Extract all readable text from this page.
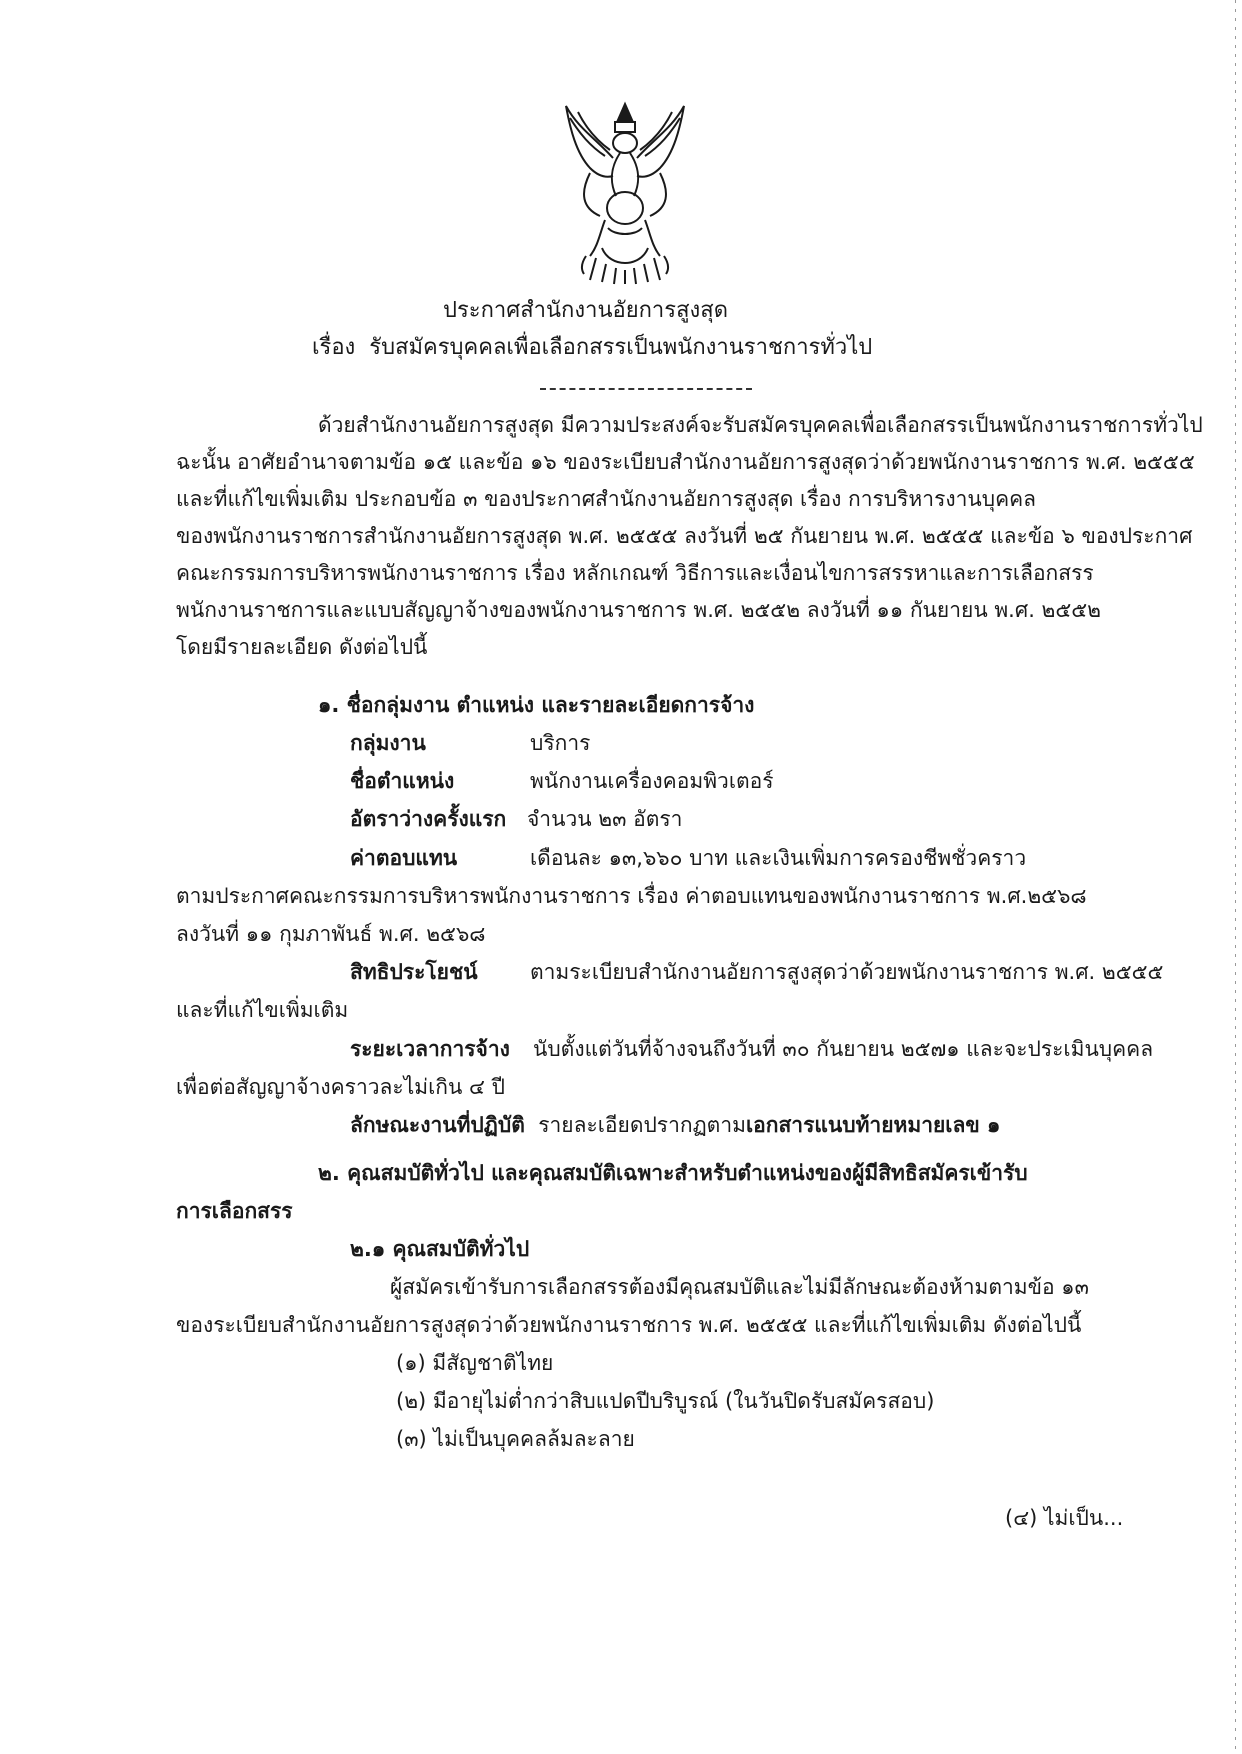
ประกาศสำนักงานอัยการสูงสุด
เรื่อง รับสมัครบุคคลเพื่อเลือกสรรเป็นพนักงานราชการทั่วไป
ด้วยสำนักงานอัยการสูงสุด มีความประสงค์จะรับสมัครบุคคลเพื่อเลือกสรรเป็นพนักงานราชการทั่วไป
ฉะนั้น อาศัยอำนาจตามข้อ ๑๕ และข้อ ๑๖ ของระเบียบสำนักงานอัยการสูงสุดว่าด้วยพนักงานราชการ พ.ศ. ๒๕๕๕
และที่แก้ไขเพิ่มเติม ประกอบข้อ ๓ ของประกาศสำนักงานอัยการสูงสุด เรื่อง การบริหารงานบุคคล
ของพนักงานราชการสำนักงานอัยการสูงสุด พ.ศ. ๒๕๕๕ ลงวันที่ ๒๕ กันยายน พ.ศ. ๒๕๕๕ และข้อ ๖ ของประกาศ
คณะกรรมการบริหารพนักงานราชการ เรื่อง หลักเกณฑ์ วิธีการและเงื่อนไขการสรรหาและการเลือกสรร
พนักงานราชการและแบบสัญญาจ้างของพนักงานราชการ พ.ศ. ๒๕๕๒ ลงวันที่ ๑๑ กันยายน พ.ศ. ๒๕๕๒
โดยมีรายละเอียด ดังต่อไปนี้
๑. ชื่อกลุ่มงาน ตำแหน่ง และรายละเอียดการจ้าง
กลุ่มงาน	บริการ
ชื่อตำแหน่ง	พนักงานเครื่องคอมพิวเตอร์
อัตราว่างครั้งแรก จำนวน ๒๓ อัตรา
ค่าตอบแทน	เดือนละ ๑๓,๖๖๐ บาท และเงินเพิ่มการครองชีพชั่วคราว
ตามประกาศคณะกรรมการบริหารพนักงานราชการ เรื่อง ค่าตอบแทนของพนักงานราชการ พ.ศ.๒๕๖๘
ลงวันที่ ๑๑ กุมภาพันธ์ พ.ศ. ๒๕๖๘
สิทธิประโยชน์ ตามระเบียบสำนักงานอัยการสูงสุดว่าด้วยพนักงานราชการ พ.ศ. ๒๕๕๕
และที่แก้ไขเพิ่มเติม
ระยะเวลาการจ้าง นับตั้งแต่วันที่จ้างจนถึงวันที่ ๓๐ กันยายน ๒๕๗๑ และจะประเมินบุคคล
เพื่อต่อสัญญาจ้างคราวละไม่เกิน ๔ ปี
ลักษณะงานที่ปฏิบัติ รายละเอียดปรากฏตามเอกสารแนบท้ายหมายเลข ๑
๒. คุณสมบัติทั่วไป และคุณสมบัติเฉพาะสำหรับตำแหน่งของผู้มีสิทธิสมัครเข้ารับ
การเลือกสรร
๒.๑ คุณสมบัติทั่วไป
ผู้สมัครเข้ารับการเลือกสรรต้องมีคุณสมบัติและไม่มีลักษณะต้องห้ามตามข้อ ๑๓
ของระเบียบสำนักงานอัยการสูงสุดว่าด้วยพนักงานราชการ พ.ศ. ๒๕๕๕ และที่แก้ไขเพิ่มเติม ดังต่อไปนี้
(๑) มีสัญชาติไทย
(๒) มีอายุไม่ต่ำกว่าสิบแปดปีบริบูรณ์ (ในวันปิดรับสมัครสอบ)
(๓) ไม่เป็นบุคคลล้มละลาย
(๔) ไม่เป็น...
